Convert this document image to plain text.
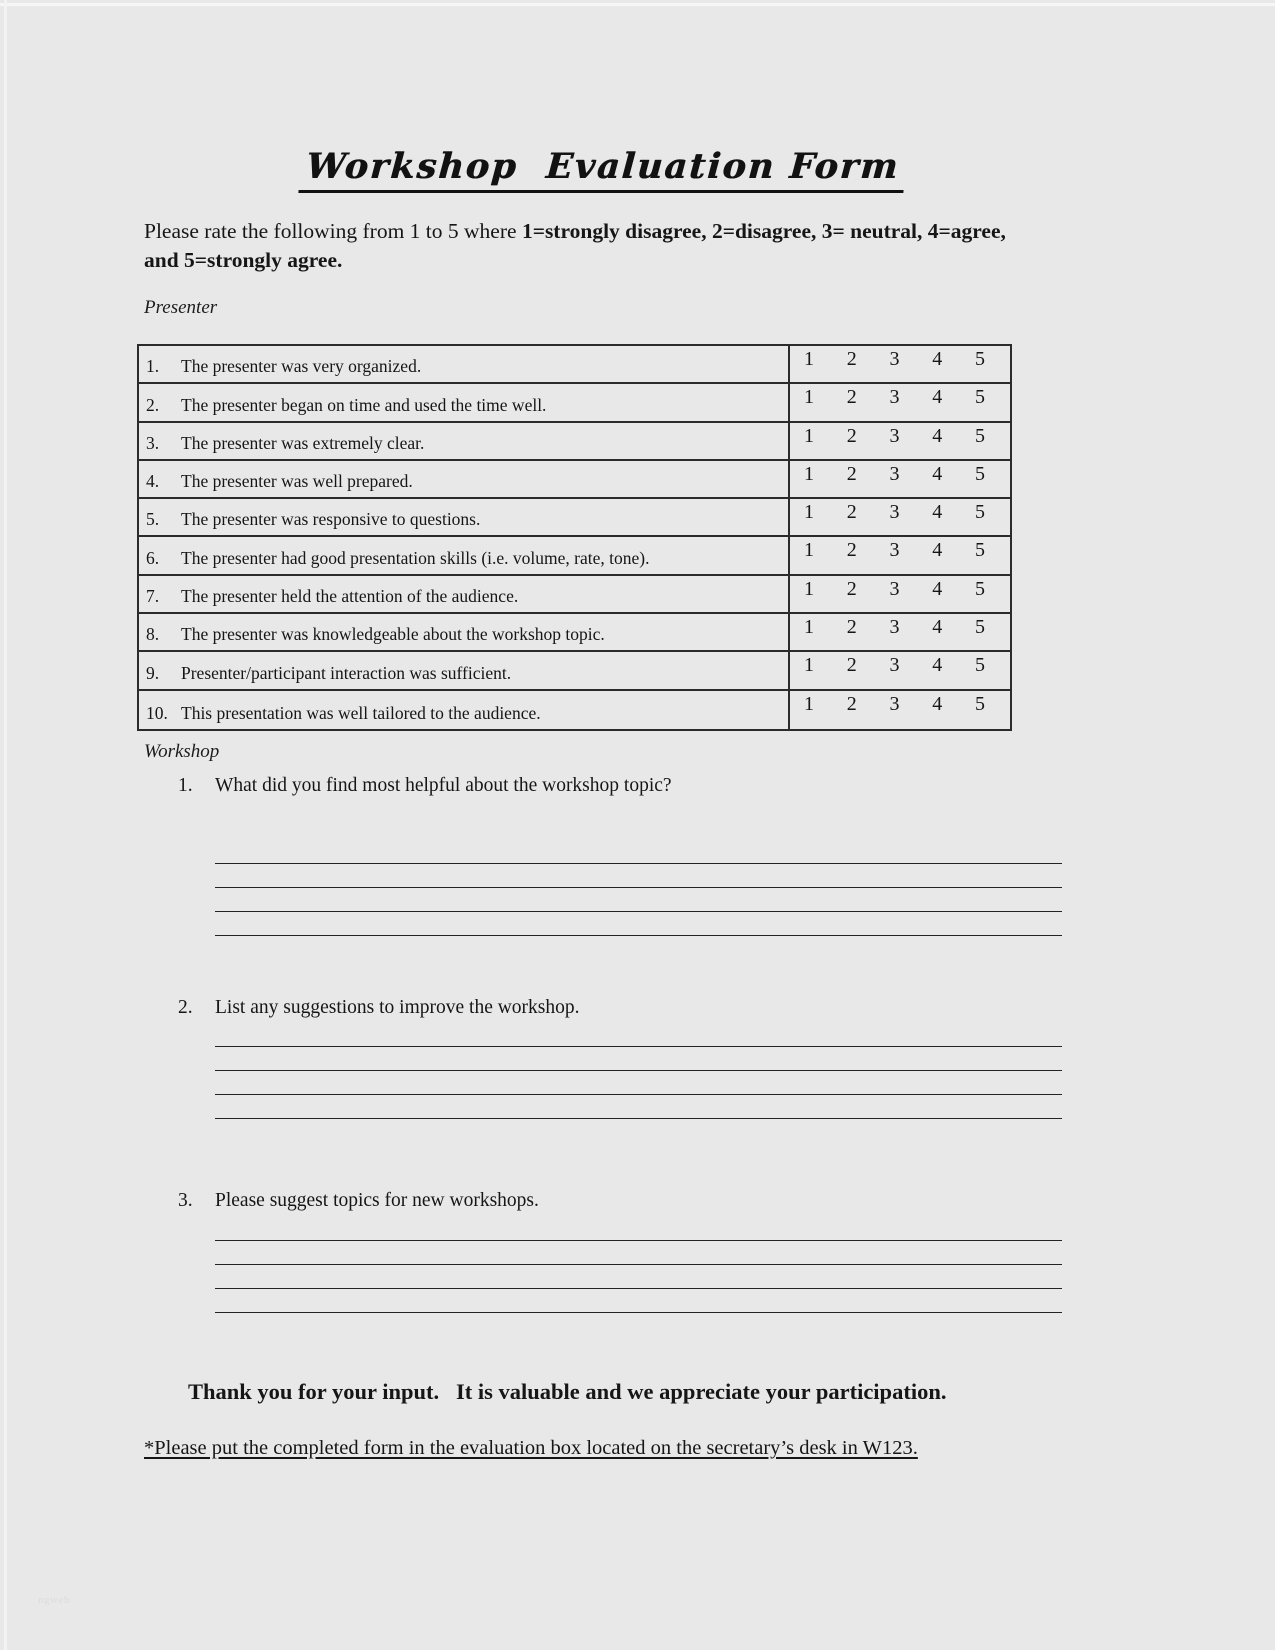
Workshop  Evaluation Form

Please rate the following from 1 to 5 where 1=strongly disagree, 2=disagree, 3= neutral, 4=agree, and 5=strongly agree.

Presenter
1.	The presenter was very organized.	1 2 3 4 5
2.	The presenter began on time and used the time well.	1 2 3 4 5
3.	The presenter was extremely clear.	1 2 3 4 5
4.	The presenter was well prepared.	1 2 3 4 5
5.	The presenter was responsive to questions.	1 2 3 4 5
6.	The presenter had good presentation skills (i.e. volume, rate, tone).	1 2 3 4 5
7.	The presenter held the attention of the audience.	1 2 3 4 5
8.	The presenter was knowledgeable about the workshop topic.	1 2 3 4 5
9.	Presenter/participant interaction was sufficient.	1 2 3 4 5
10. This presentation was well tailored to the audience.	1 2 3 4 5
Workshop
1.	What did you find most helpful about the workshop topic?
2.	List any suggestions to improve the workshop.
3.	Please suggest topics for new workshops.
Thank you for your input.   It is valuable and we appreciate your participation.
*Please put the completed form in the evaluation box located on the secretary’s desk in W123.
ngweb
